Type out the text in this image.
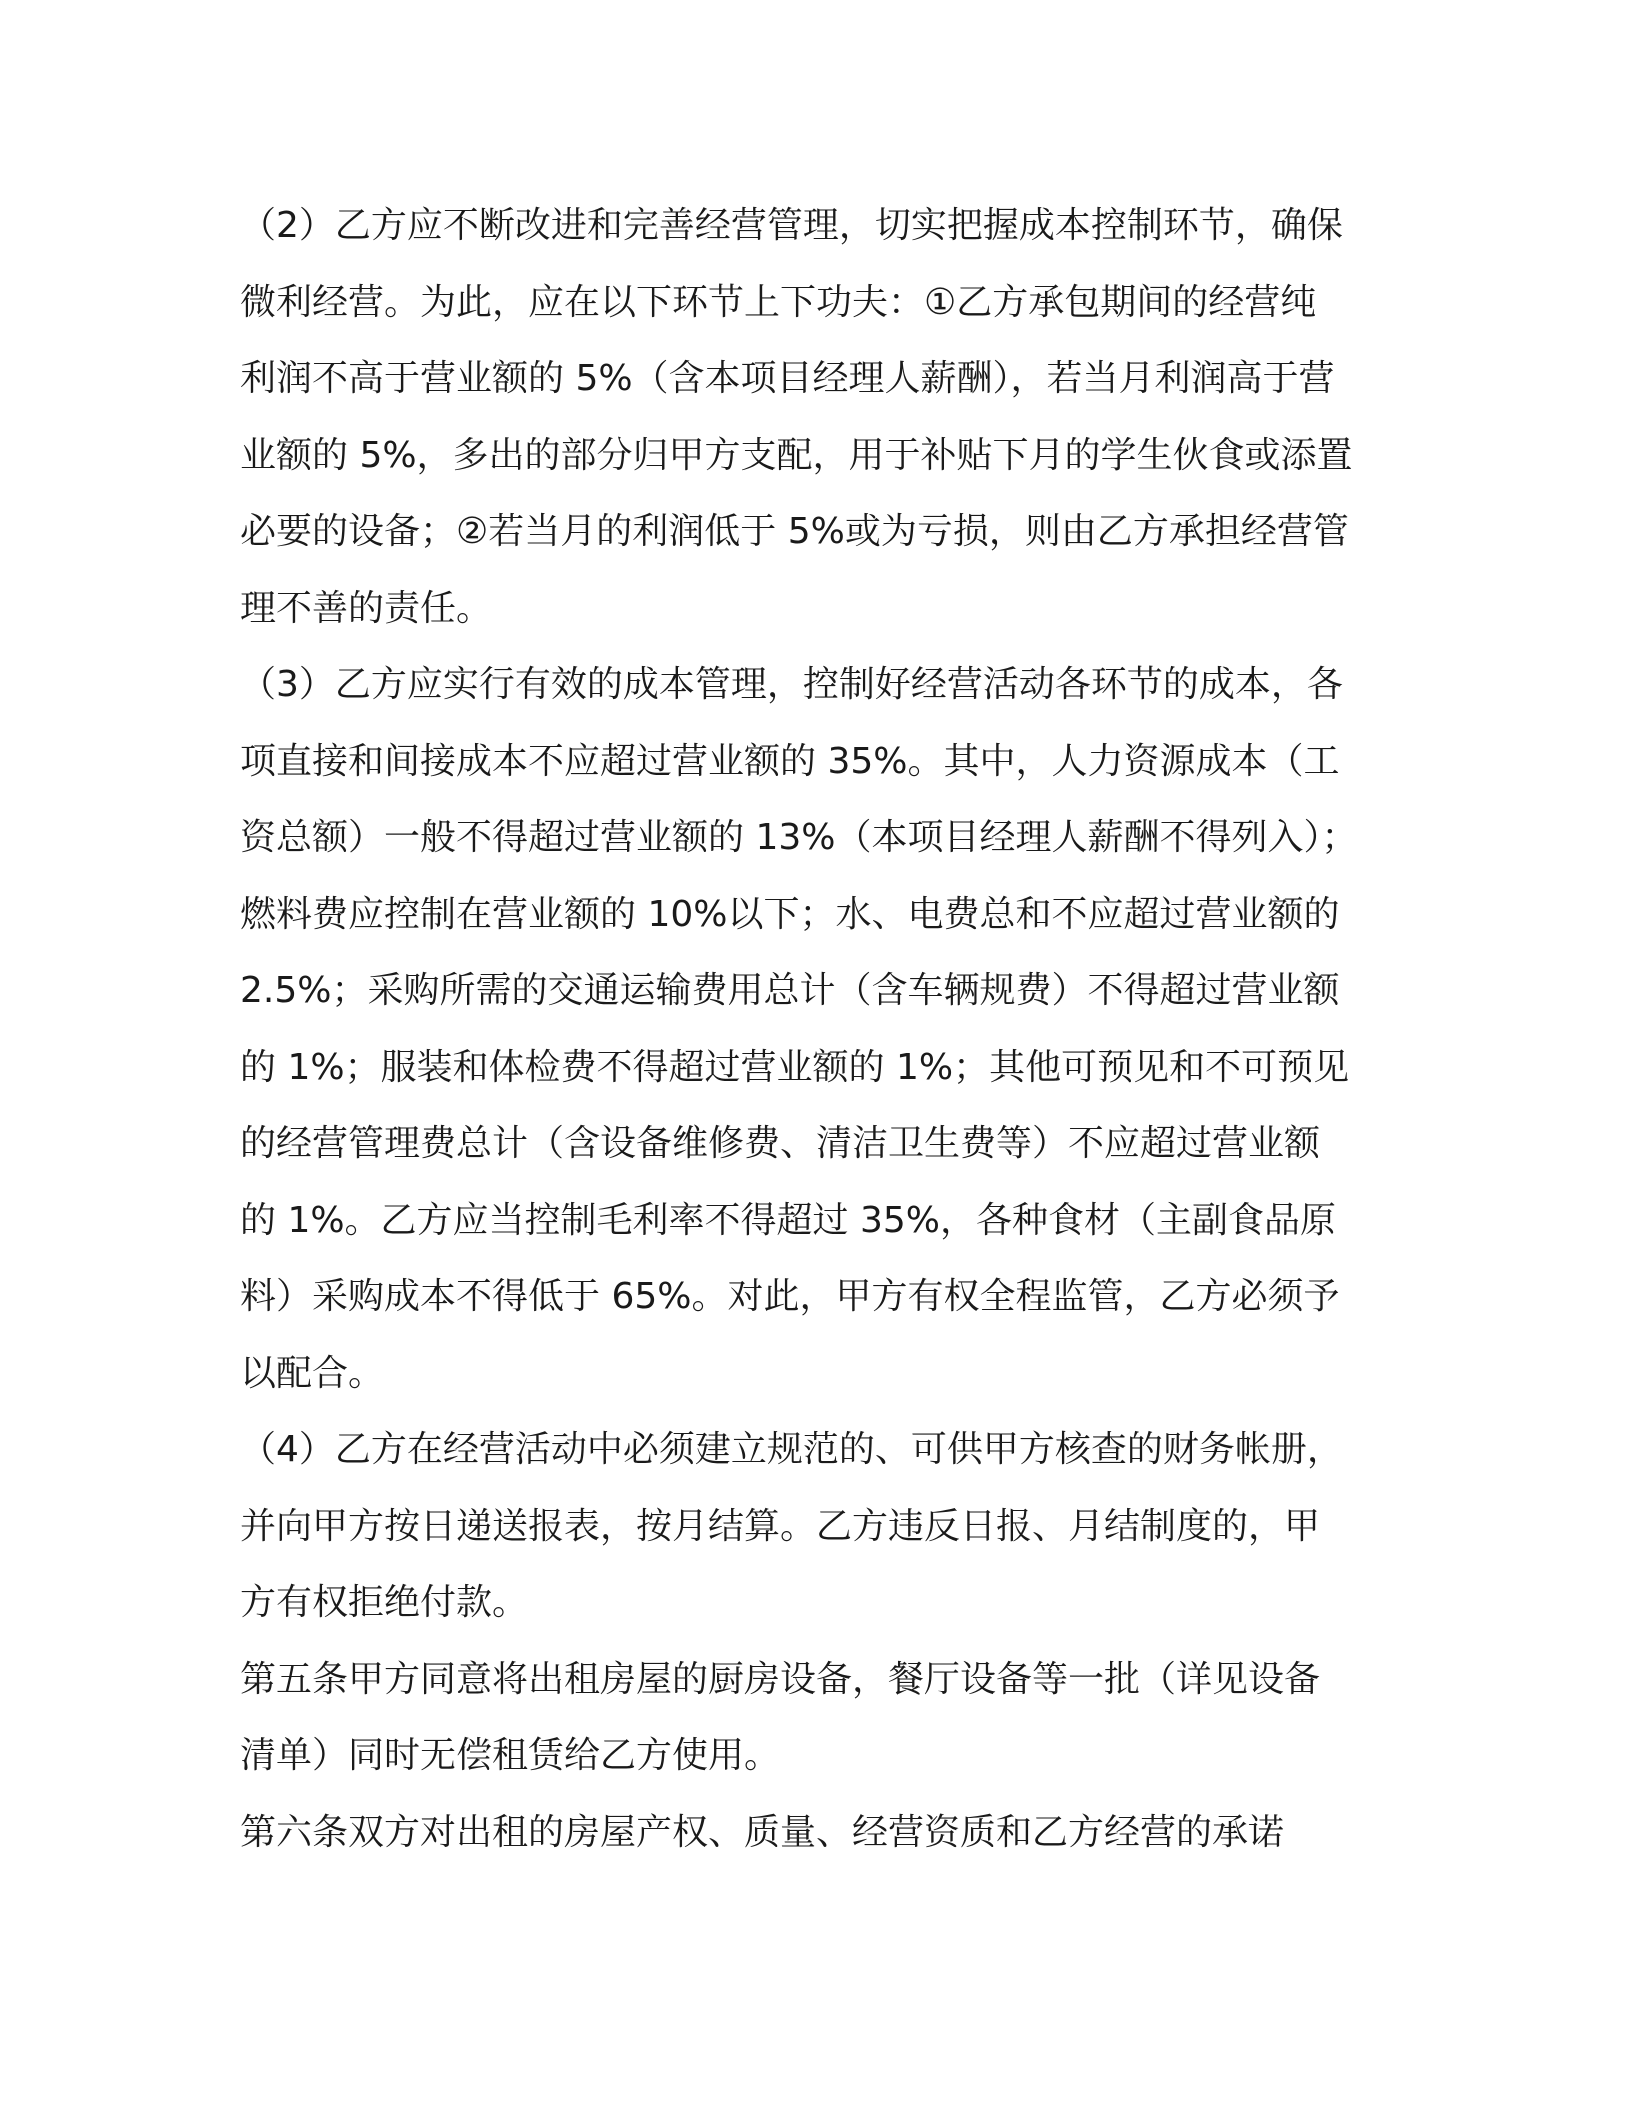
（2）乙方应不断改进和完善经营管理，切实把握成本控制环节，确保
微利经营。为此，应在以下环节上下功夫：①乙方承包期间的经营纯
利润不高于营业额的 5%（含本项目经理人薪酬），若当月利润高于营
业额的 5%，多出的部分归甲方支配，用于补贴下月的学生伙食或添置
必要的设备；②若当月的利润低于 5%或为亏损，则由乙方承担经营管
理不善的责任。

（3）乙方应实行有效的成本管理，控制好经营活动各环节的成本，各
项直接和间接成本不应超过营业额的 35%。其中，人力资源成本（工
资总额）一般不得超过营业额的 13%（本项目经理人薪酬不得列入）；
燃料费应控制在营业额的 10%以下；水、电费总和不应超过营业额的
2.5%；采购所需的交通运输费用总计（含车辆规费）不得超过营业额
的 1%；服装和体检费不得超过营业额的 1%；其他可预见和不可预见
的经营管理费总计（含设备维修费、清洁卫生费等）不应超过营业额
的 1%。乙方应当控制毛利率不得超过 35%，各种食材（主副食品原
料）采购成本不得低于 65%。对此，甲方有权全程监管，乙方必须予
以配合。

（4）乙方在经营活动中必须建立规范的、可供甲方核查的财务帐册，
并向甲方按日递送报表，按月结算。乙方违反日报、月结制度的，甲
方有权拒绝付款。

第五条甲方同意将出租房屋的厨房设备，餐厅设备等一批（详见设备
清单）同时无偿租赁给乙方使用。

第六条双方对出租的房屋产权、质量、经营资质和乙方经营的承诺
